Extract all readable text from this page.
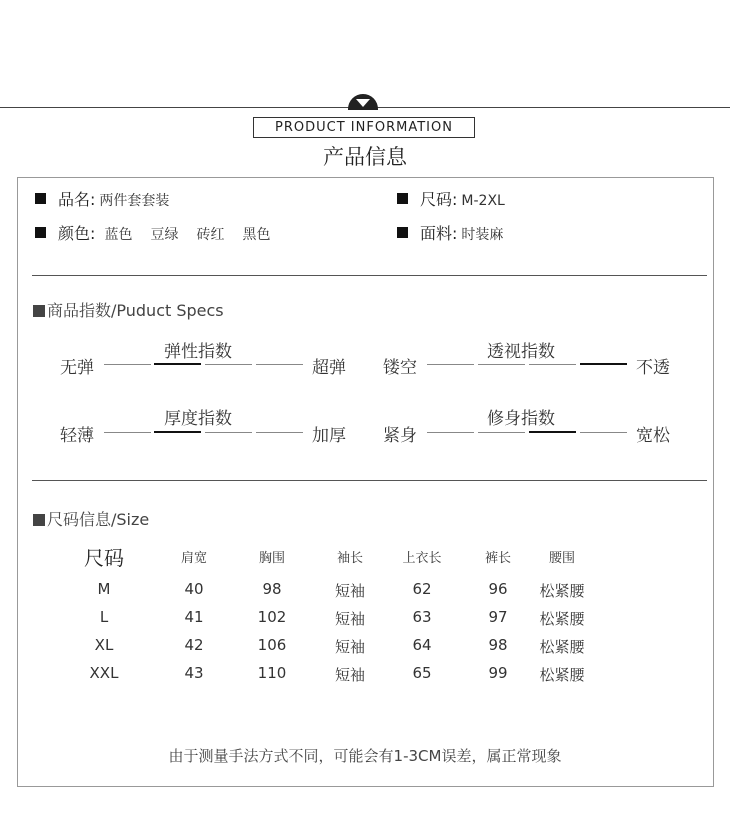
PRODUCT INFORMATION
产品信息
品名: 两件套套装	尺码: M-2XL
颜色: 蓝色 豆绿 砖红 黑色	面料: 时装麻
商品指数/Puduct Specs
弹性指数
无弹	超弹
透视指数
镂空	不透
厚度指数
轻薄	加厚
修身指数
紧身	宽松
尺码信息/Size
尺码	肩宽	胸围	袖长	上衣长	裤长	腰围
M	40	98	短袖	62	96	松紧腰
L	41	102	短袖	63	97	松紧腰
XL	42	106	短袖	64	98	松紧腰
XXL	43	110	短袖	65	99	松紧腰
由于测量手法方式不同，可能会有1-3CM误差，属正常现象
